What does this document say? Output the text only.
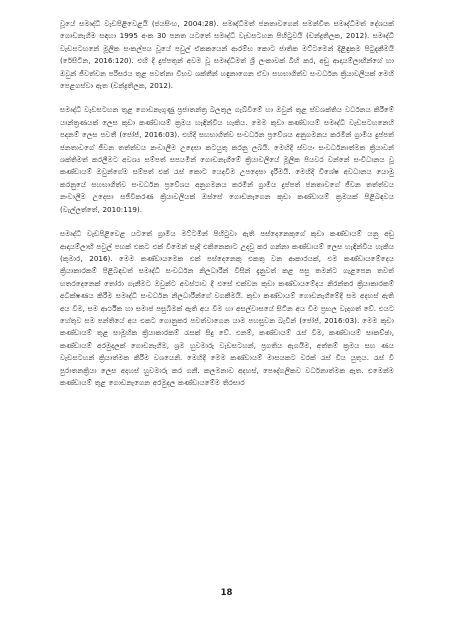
වූයේ සමෘද්ධි වැඩපිළිවෙළයි (ජයසිංහ, 2004:28). සමෘද්ධිමත් ජනතාවගෙන් සමන්විත සමෘද්ධිමත් දේශයක් ගොඩනැගීම සඳහා 1995 අංක 30 පනත යටතේ සමෘද්ධි වැඩසටහන පිහිටුවයි (චන්ද්‍රතිලක, 2012). සමෘද්ධි වැඩසටහනේ මූලික සංකල්පය වූයේ පවුල් ඒකකයෙන් ආරම්භ කොට ජාතික මට්ටමෙන් දිළිඳුකම පිටුදැකීමයි (රේසිටින, 2016:120). එහි දී දුප්පතුන් අවම වූ සමෘද්ධිමත් ශ්‍රී ලංකාවක් බිහි කර, අඩු ආදායම්ලාභීන්ගේ හා ඔවුන් ජීවත්වන පරිසරය තුළ පවත්නා විභව ශක්තීන් හඳුනාගෙන ඒවා සහභාගිත්ව සංවර්ධන ක්‍රියාවලියක් මෙහි පෙළගස්වා ඇත (චන්ද්‍රතිලක, 2012).

සමෘද්ධි වැඩසටහන තුළ ගොඩනැගුණු ප්‍රජාතන්ත්‍ර බලතුල ගැබ්වීමේ හා ඔවුන් තුළ ස්වශක්තිය වර්ධනය කිරීමේ යාන්ත්‍රණයක් ලෙස කුඩා කණ්ඩායම් ක්‍රමය හැඳින්විය හැකිය. මෙම කුඩා කණ්ඩායම් සමෘද්ධි වැඩසටහනෙහි පදනම් ලෙස පවතී (ජෝජ්, 2016:03). එහිදී සහභාගිත්ව සංවර්ධන ප්‍රවේශය අනුගමනය කරමින් ග්‍රාමීය දුප්පත් ජනතාවගේ ජීවන තත්ත්වය නංවාලීම උදෙසා කටයුතු කරනු ලබයි. මෙහිදී ස්වයං සංවර්ධනාත්මක ක්‍රියාවන් ශක්තිමත් කරලීමට අවශ්‍ය සම්පත් සපයමින් ගොඩනැගීමේ ක්‍රියාවලියේ මූලික පියවර වන්නේ සංවිධානය වූ කණ්ඩායම් ඔවුන්ගේම සම්පත් එක් රැස් කොට යෙදවීම උපදෙසා දැරීමයි. මෙහිදී විශේෂ අවධානය යොමු කරනුයේ සහභාගිත්ව සංවර්ධන ප්‍රවේශය අනුගමනය කරමින් ග්‍රාමීය දුප්පත් ජනතාවගේ ජීවන තත්ත්වය නංවාලීම උදෙසා සජීවීකරණ ක්‍රියාවලියක් ඔස්සේ ගොඩනැගෙන කුඩා කණ්ඩායම් ක්‍රමයක් පිළිබඳවය (වැල්ලත්තේ, 2010:119).

සමෘද්ධි වැඩපිළිවෙළ යටතේ ග්‍රාමීය මට්ටමින් පිහිටුවා ඇති පස්දෙනෙකුගේ කුඩා කණ්ඩායම් යනු අඩු ආදායම්ලාභී පවුල් පහක් එකට එක් වීමෙන් සෑදී එකිනෙකාට උදවු කර ගන්නා කණ්ඩායම් ලෙස හැඳින්විය හැකිය (කුමාර, 2016). මෙම කණ්ඩායමෙක එක් පස්දෙනෙකු එකතු වන ආකාරයක්, එම කණ්ඩායමේදෙය ක්‍රියාකාරකම් පිළිබඳවත් සමෘද්ධි සංවර්ධන නිලධාරීන් විසින් දැනුවත් කළ පසු තමන්ට ගැළපෙන තවත් හතරදෙනෙක් තෝරා ගැනීමට ඔවුන්ට අවස්ථාව දී එසේ එක්වන කුඩා කණ්ඩායමේදය නිරන්තර ක්‍රියාකාරකම් අධීක්ෂණය කිරීම සමෘද්ධි සංවර්ධන නිලධාරීන්ගේ වගකීමයි. කුඩා කණ්ඩායම් ගොඩනැගීමේදී සම අදහස් ඇති අය වීම, සම ආර්ථික හා සමාජ පසුබිමක් ඇති අය වීම හා අසල්වාසයේ සිටින අය වීම ප්‍රභල වැදගත් වේ. එයට හේතුව සම පන්තියේ අය එකට ගොනුකර පවත්වාගෙන යාම පහසුවන බැවින් (ජෝජ්, 2016:03). මෙම කුඩා කණ්ඩායම් තුළ සාමූහික ක්‍රියාකාරකම් රැසක් සිදු වේ. එනම්, කණ්ඩායම් රැස් වීම, කණ්ඩායම් සාකච්ඡා, කණ්ඩායම් අරමුදලක් ගොඩනැගීම, ශ්‍රම හුවමාරු වැඩසටහන්, ප්‍රගතිය ඇගයීම, අත්තම් ක්‍රමය සහ ණය වැඩසටහන් ක්‍රියාත්මක කිරීම වශයෙනි. මෙහිදී මෙම කණ්ඩායම් මාසයකට වරක් රැස් විය යුතුය. රැස් වී පුරාතනක්‍රියා ලෙස අදහස් හුවමාරු කර ගනී. කලමනාව අදහස්, පෞද්ගලිකව වර්ධනාත්මක ඇත. එමෙන්ම කණ්ඩායම් තුළ ගොඩනැගෙන අරමුදල කණ්ඩායමේම තිරසාර

18
